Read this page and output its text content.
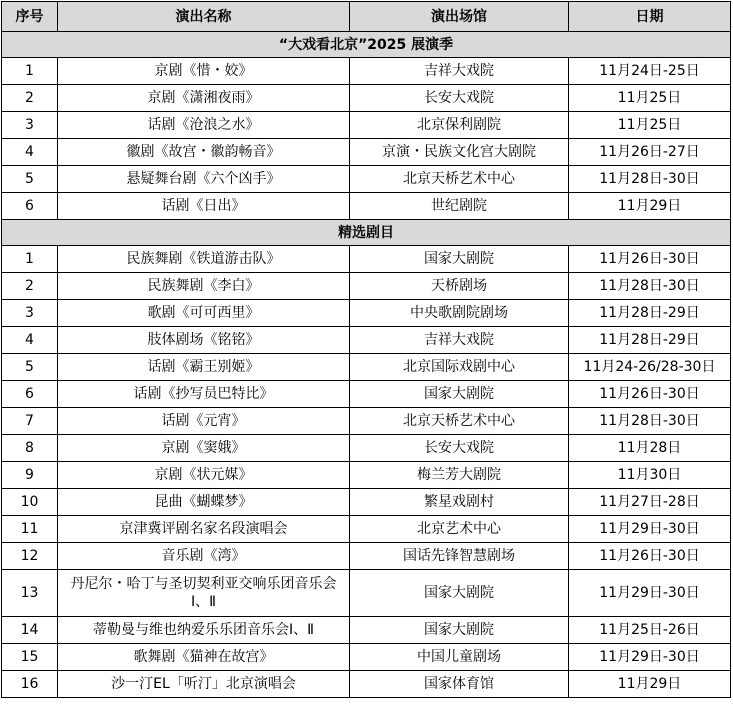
序号	演出名称	演出场馆	日期
“大戏看北京”2025 展演季			
1	京剧《惜・姣》	吉祥大戏院	11月24日-25日
2	京剧《潇湘夜雨》	长安大戏院	11月25日
3	话剧《沧浪之水》	北京保利剧院	11月25日
4	徽剧《故宫・徽韵畅音》	京演・民族文化宫大剧院	11月26日-27日
5	悬疑舞台剧《六个凶手》	北京天桥艺术中心	11月28日-30日
6	话剧《日出》	世纪剧院	11月29日
精选剧目			
1	民族舞剧《铁道游击队》	国家大剧院	11月26日-30日
2	民族舞剧《李白》	天桥剧场	11月28日-30日
3	歌剧《可可西里》	中央歌剧院剧场	11月28日-29日
4	肢体剧场《铭铭》	吉祥大戏院	11月28日-29日
5	话剧《霸王别姬》	北京国际戏剧中心	11月24-26/28-30日
6	话剧《抄写员巴特比》	国家大剧院	11月26日-30日
7	话剧《元宵》	北京天桥艺术中心	11月28日-30日
8	京剧《窦娥》	长安大戏院	11月28日
9	京剧《状元媒》	梅兰芳大剧院	11月30日
10	昆曲《蝴蝶梦》	繁星戏剧村	11月27日-28日
11	京津冀评剧名家名段演唱会	北京艺术中心	11月29日-30日
12	音乐剧《湾》	国话先锋智慧剧场	11月26日-30日
13	丹尼尔・哈丁与圣切契利亚交响乐团音乐会Ⅰ、Ⅱ	国家大剧院	11月29日-30日
14	蒂勒曼与维也纳爱乐乐团音乐会Ⅰ、Ⅱ	国家大剧院	11月25日-26日
15	歌舞剧《猫神在故宫》	中国儿童剧场	11月29日-30日
16	沙一汀EL「听汀」北京演唱会	国家体育馆	11月29日
